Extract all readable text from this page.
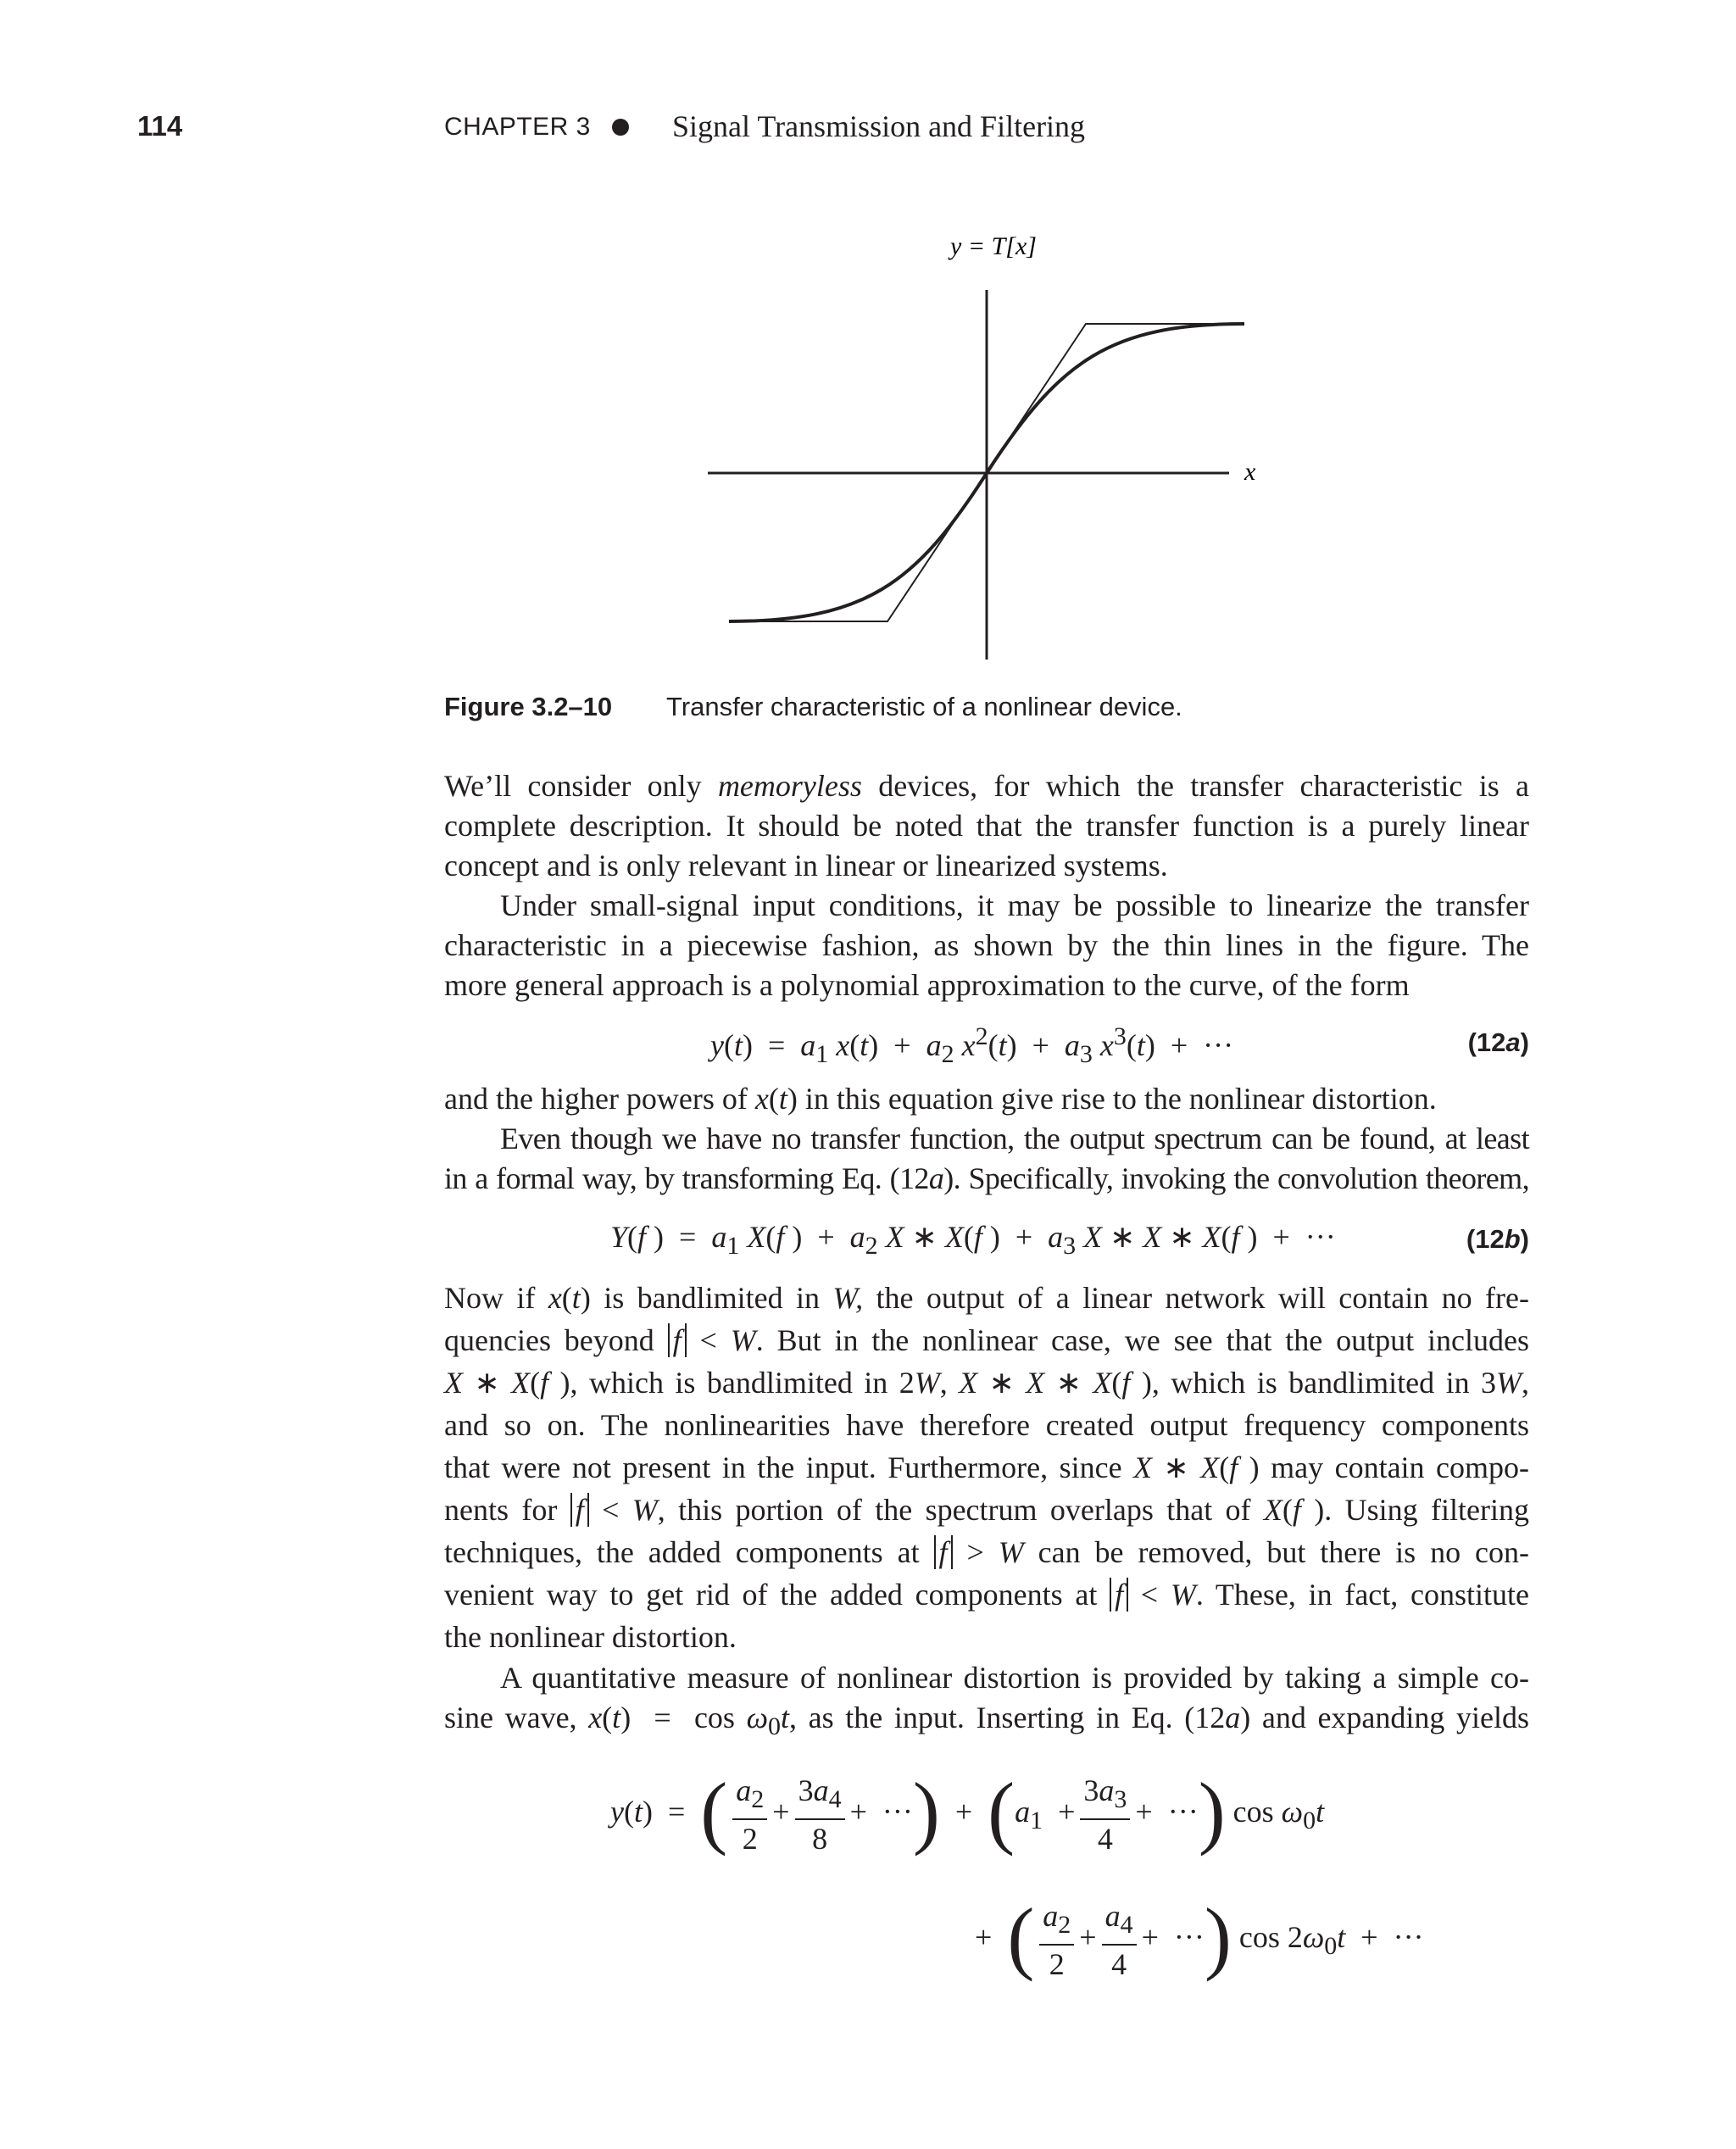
114	CHAPTER 3	Signal Transmission and Filtering
y = T[x]
x
Figure 3.2–10 Transfer characteristic of a nonlinear device.

We’ll consider only memoryless devices, for which the transfer characteristic is a
complete description. It should be noted that the transfer function is a purely linear
concept and is only relevant in linear or linearized systems.
Under small-signal input conditions, it may be possible to linearize the transfer
characteristic in a piecewise fashion, as shown by the thin lines in the figure. The
more general approach is a polynomial approximation to the curve, of the form

$y(t) = a_1$ $x(t) + a_2$ $x^2(t) + a_3$ $x^3(t)$  +  ···	(12a)

and the higher powers of x(t) in this equation give rise to the nonlinear distortion.

Even though we have no transfer function, the output spectrum can be found, at least
in a formal way, by transforming Eq. (12a). Specifically, invoking the convolution theorem,

Y(f )  =  $a_1$ X(f )  +  $a_2$ X ∗ X(f )  +  $a_3$ X ∗ X ∗ X(f )  +  ···	(12b)

Now if x(t) is bandlimited in W, the output of a linear network will contain no fre-
quencies beyond f < W. But in the nonlinear case, we see that the output includes
X ∗ X(f ), which is bandlimited in 2W, X ∗ X ∗ X(f ), which is bandlimited in 3W,
and so on. The nonlinearities have therefore created output frequency components
that were not present in the input. Furthermore, since X ∗ X(f ) may contain compo-
nents for f < W, this portion of the spectrum overlaps that of X(f ). Using filtering
techniques, the added components at f > W can be removed, but there is no con-
venient way to get rid of the added components at f < W. These, in fact, constitute
the nonlinear distortion.

A quantitative measure of nonlinear distortion is provided by taking a simple co-
sine wave, $x(t) = \cos \omega_0t$, as the input. Inserting in Eq. (12a) and expanding yields

y(t)  =  ( $\frac{a_2}{2} + \frac{3a_4}{8}$ +  ···)  +  ($a_1 + \frac{3a_3}{4}$ +  ···) $\cos \omega_0t$
+  ( $\frac{a_2}{2} + \frac{a_4}{4}$ +  ···) $\cos 2\omega_0t$  +  ···
